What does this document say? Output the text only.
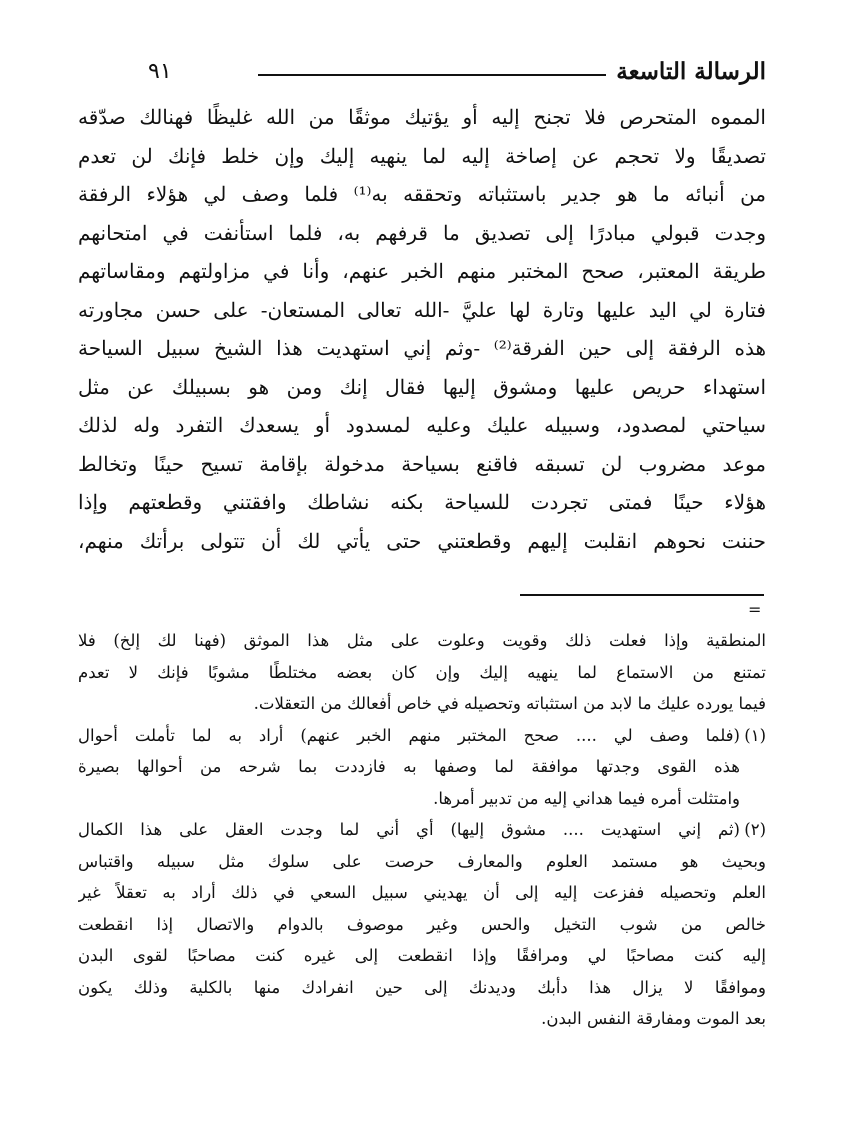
الرسالة التاسعة
٩١
المموه المتحرص فلا تجنح إليه أو يؤتيك موثقًا من الله غليظًا فهنالك صدّقه
تصديقًا ولا تحجم عن إصاخة إليه لما ينهيه إليك وإن خلط فإنك لن تعدم
من أنبائه ما هو جدير باستثباته وتحققه به⁽¹⁾ فلما وصف لي هؤلاء الرفقة
وجدت قبولي مبادرًا إلى تصديق ما قرفهم به، فلما استأنفت في امتحانهم
طريقة المعتبر، صحح المختبر منهم الخبر عنهم، وأنا في مزاولتهم ومقاساتهم
فتارة لي اليد عليها وتارة لها عليَّ -الله تعالى المستعان- على حسن مجاورته
هذه الرفقة إلى حين الفرقة⁽²⁾ -وثم إني استهديت هذا الشيخ سبيل السياحة
استهداء حريص عليها ومشوق إليها فقال إنك ومن هو بسبيلك عن مثل
سياحتي لمصدود، وسبيله عليك وعليه لمسدود أو يسعدك التفرد وله لذلك
موعد مضروب لن تسبقه فاقنع بسياحة مدخولة بإقامة تسيح حينًا وتخالط
هؤلاء حينًا فمتى تجردت للسياحة بكنه نشاطك وافقتني وقطعتهم وإذا
حننت نحوهم انقلبت إليهم وقطعتني حتى يأتي لك أن تتولى برأتك منهم،
=
المنطقية وإذا فعلت ذلك وقويت وعلوت على مثل هذا الموثق (فهنا لك إلخ) فلا
تمتنع من الاستماع لما ينهيه إليك وإن كان بعضه مختلطًا مشوبًا فإنك لا تعدم
فيما يورده عليك ما لابد من استثباته وتحصيله في خاص أفعالك من التعقلات.
(١)
(فلما وصف لي .... صحح المختبر منهم الخبر عنهم) أراد به لما تأملت أحوال
هذه القوى وجدتها موافقة لما وصفها به فازددت بما شرحه من أحوالها بصيرة
وامتثلت أمره فيما هداني إليه من تدبير أمرها.
(٢)
(ثم إني استهديت .... مشوق إليها) أي أني لما وجدت العقل على هذا الكمال
وبحيث هو مستمد العلوم والمعارف حرصت على سلوك مثل سبيله واقتباس
العلم وتحصيله ففزعت إليه إلى أن يهديني سبيل السعي في ذلك أراد به تعقلاً غير
خالص من شوب التخيل والحس وغير موصوف بالدوام والاتصال إذا انقطعت
إليه كنت مصاحبًا لي ومرافقًا وإذا انقطعت إلى غيره كنت مصاحبًا لقوى البدن
وموافقًا لا يزال هذا دأبك وديدنك إلى حين انفرادك منها بالكلية وذلك يكون
بعد الموت ومفارقة النفس البدن.
